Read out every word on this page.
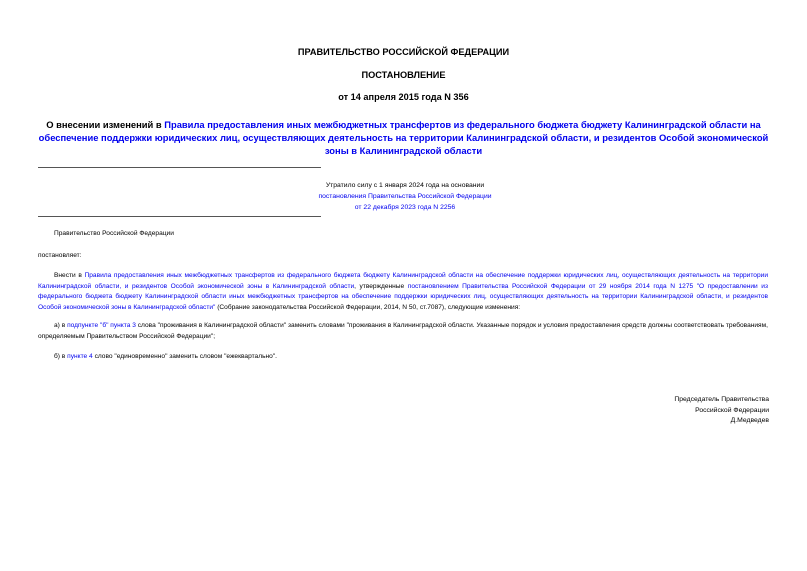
ПРАВИТЕЛЬСТВО РОССИЙСКОЙ ФЕДЕРАЦИИ
ПОСТАНОВЛЕНИЕ
от 14 апреля 2015 года N 356
О внесении изменений в Правила предоставления иных межбюджетных трансфертов из федерального бюджета бюджету Калининградской области на обеспечение поддержки юридических лиц, осуществляющих деятельность на территории Калининградской области, и резидентов Особой экономической зоны в Калининградской области
Утратило силу с 1 января 2024 года на основании
постановления Правительства Российской Федерации
от 22 декабря 2023 года N 2256
Правительство Российской Федерации
постановляет:
Внести в Правила предоставления иных межбюджетных трансфертов из федерального бюджета бюджету Калининградской области на обеспечение поддержки юридических лиц, осуществляющих деятельность на территории Калининградской области, и резидентов Особой экономической зоны в Калининградской области, утвержденные постановлением Правительства Российской Федерации от 29 ноября 2014 года N 1275 "О предоставлении из федерального бюджета бюджету Калининградской области иных межбюджетных трансфертов на обеспечение поддержки юридических лиц, осуществляющих деятельность на территории Калининградской области, и резидентов Особой экономической зоны в Калининградской области" (Собрание законодательства Российской Федерации, 2014, N 50, ст.7087), следующие изменения:
а) в подпункте "б" пункта 3 слова "проживания в Калининградской области" заменить словами "проживания в Калининградской области. Указанные порядок и условия предоставления средств должны соответствовать требованиям, определяемым Правительством Российской Федерации";
б) в пункте 4 слово "единовременно" заменить словом "ежеквартально".
Председатель Правительства
Российской Федерации
Д.Медведев
